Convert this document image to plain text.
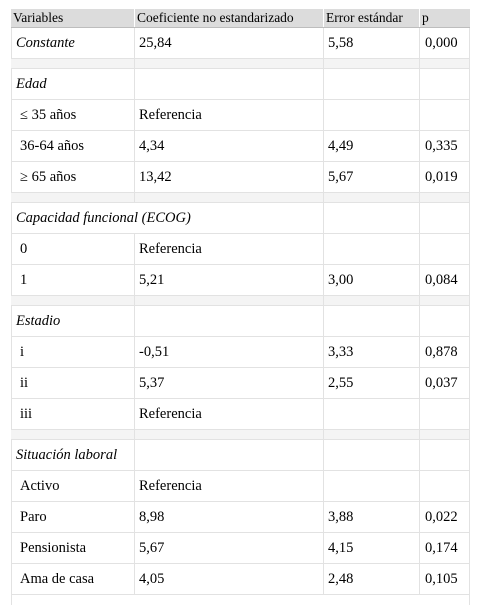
Variables	Coeficiente no estandarizado	Error estándar	p
Constante	25,84	5,58	0,000
Edad
≤ 35 años	Referencia
36-64 años	4,34	4,49	0,335
≥ 65 años	13,42	5,67	0,019
Capacidad funcional (ECOG)
0	Referencia
1	5,21	3,00	0,084
Estadio
i	-0,51	3,33	0,878
ii	5,37	2,55	0,037
iii	Referencia
Situación laboral
Activo	Referencia
Paro	8,98	3,88	0,022
Pensionista	5,67	4,15	0,174
Ama de casa	4,05	2,48	0,105
